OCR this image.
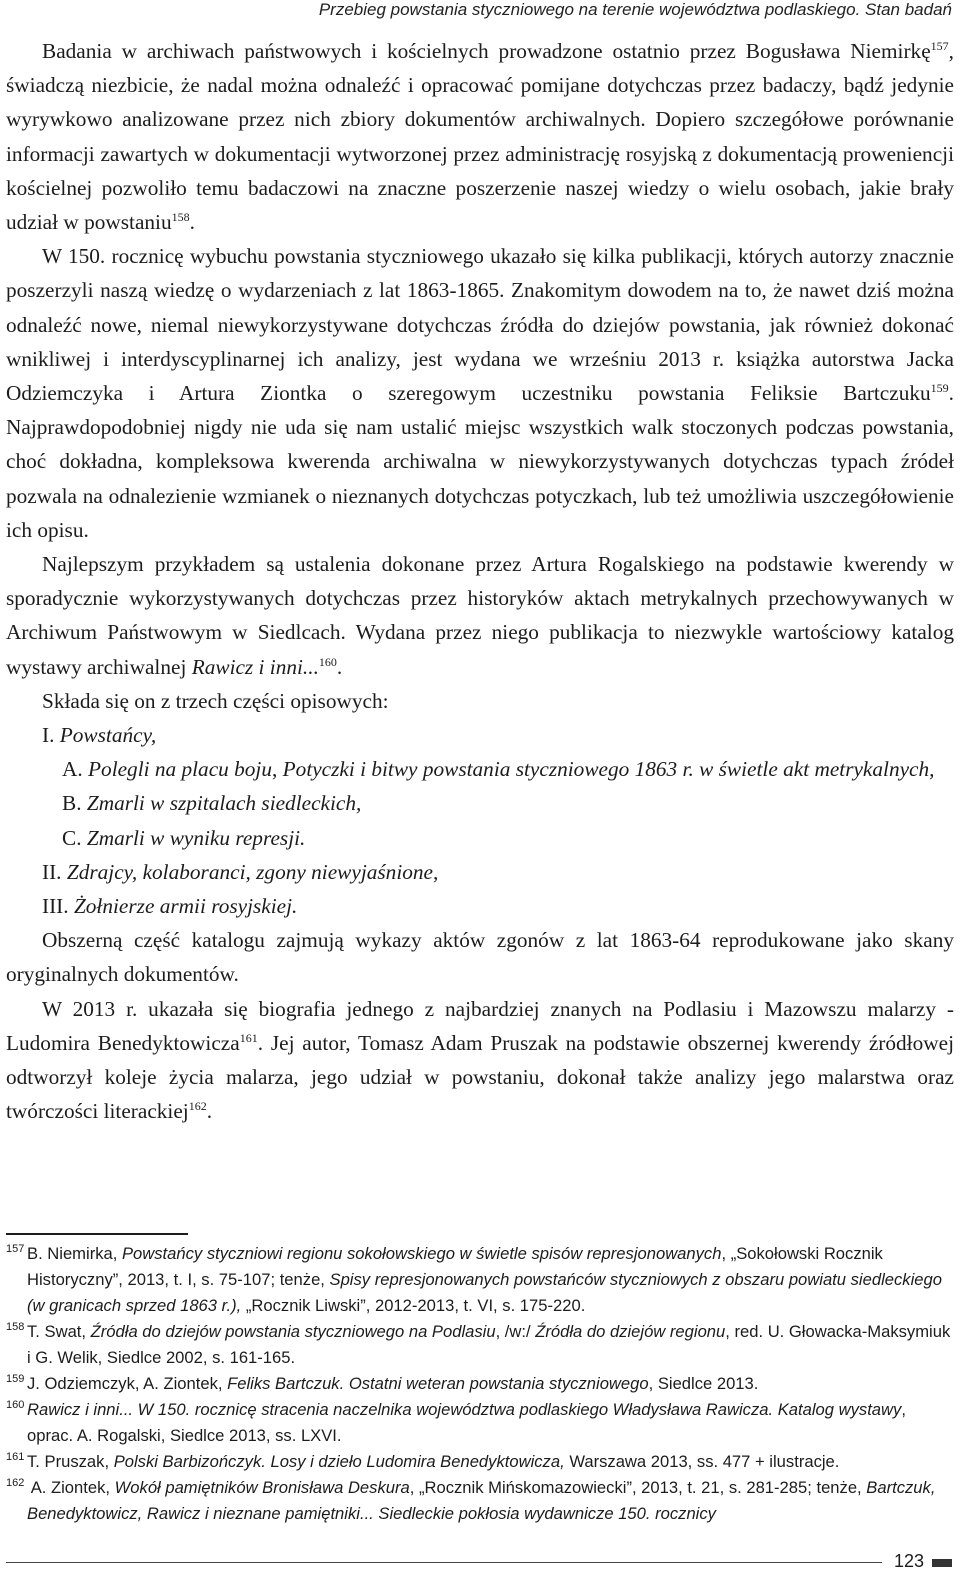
Przebieg powstania styczniowego na terenie województwa podlaskiego. Stan badań

Badania w archiwach państwowych i kościelnych prowadzone ostatnio przez Bogusława Niemirkę$^{157}$, świadczą niezbicie, że nadal można odnaleźć i opracować pomijane dotychczas przez badaczy, bądź jedynie wyrywkowo analizowane przez nich zbiory dokumentów archiwalnych. Dopiero szczegółowe porównanie informacji zawartych w dokumentacji wytworzonej przez administrację rosyjską z dokumentacją proweniencji kościelnej pozwoliło temu badaczowi na znaczne poszerzenie naszej wiedzy o wielu osobach, jakie brały udział w powstaniu$^{158}$.

W 150. rocznicę wybuchu powstania styczniowego ukazało się kilka publikacji, których autorzy znacznie poszerzyli naszą wiedzę o wydarzeniach z lat 1863-1865. Znakomitym dowodem na to, że nawet dziś można odnaleźć nowe, niemal niewykorzystywane dotychczas źródła do dziejów powstania, jak również dokonać wnikliwej i interdyscyplinarnej ich analizy, jest wydana we wrześniu 2013 r. książka autorstwa Jacka Odziemczyka i Artura Ziontka o szeregowym uczestniku powstania Feliksie Bartczuku$^{159}$. Najprawdopodobniej nigdy nie uda się nam ustalić miejsc wszystkich walk stoczonych podczas powstania, choć dokładna, kompleksowa kwerenda archiwalna w niewykorzystywanych dotychczas typach źródeł pozwala na odnalezienie wzmianek o nieznanych dotychczas potyczkach, lub też umożliwia uszczegółowienie ich opisu.

Najlepszym przykładem są ustalenia dokonane przez Artura Rogalskiego na podstawie kwerendy w sporadycznie wykorzystywanych dotychczas przez historyków aktach metrykalnych przechowywanych w Archiwum Państwowym w Siedlcach. Wydana przez niego publikacja to niezwykle wartościowy katalog wystawy archiwalnej Rawicz i inni...$^{160}$.

Składa się on z trzech części opisowych:

I. Powstańcy,

A. Polegli na placu boju, Potyczki i bitwy powstania styczniowego 1863 r. w świetle akt metrykalnych,

B. Zmarli w szpitalach siedleckich,

C. Zmarli w wyniku represji.

II. Zdrajcy, kolaboranci, zgony niewyjaśnione,

III. Żołnierze armii rosyjskiej.

Obszerną część katalogu zajmują wykazy aktów zgonów z lat 1863-64 reprodukowane jako skany oryginalnych dokumentów.

W 2013 r. ukazała się biografia jednego z najbardziej znanych na Podlasiu i Mazowszu malarzy - Ludomira Benedyktowicza$^{161}$. Jej autor, Tomasz Adam Pruszak na podstawie obszernej kwerendy źródłowej odtworzył koleje życia malarza, jego udział w powstaniu, dokonał także analizy jego malarstwa oraz twórczości literackiej$^{162}$.

$^{157}$ B. Niemirka, Powstańcy styczniowi regionu sokołowskiego w świetle spisów represjonowanych, „Sokołowski Rocznik Historyczny”, 2013, t. I, s. 75-107; tenże, Spisy represjonowanych powstańców styczniowych z obszaru powiatu siedleckiego (w granicach sprzed 1863 r.), „Rocznik Liwski”, 2012-2013, t. VI, s. 175-220.

$^{158}$ T. Swat, Źródła do dziejów powstania styczniowego na Podlasiu, /w:/ Źródła do dziejów regionu, red. U. Głowacka-Maksymiuk i G. Welik, Siedlce 2002, s. 161-165.

$^{159}$ J. Odziemczyk, A. Ziontek, Feliks Bartczuk. Ostatni weteran powstania styczniowego, Siedlce 2013.

$^{160}$ Rawicz i inni... W 150. rocznicę stracenia naczelnika województwa podlaskiego Władysława Rawicza. Katalog wystawy, oprac. A. Rogalski, Siedlce 2013, ss. LXVI.

$^{161}$ T. Pruszak, Polski Barbizończyk. Losy i dzieło Ludomira Benedyktowicza, Warszawa 2013, ss. 477 + ilustracje.

$^{162}$ A. Ziontek, Wokół pamiętników Bronisława Deskura, „Rocznik Mińskomazowiecki”, 2013, t. 21, s. 281-285; tenże, Bartczuk, Benedyktowicz, Rawicz i nieznane pamiętniki... Siedleckie pokłosia wydawnicze 150. rocznicy

123
